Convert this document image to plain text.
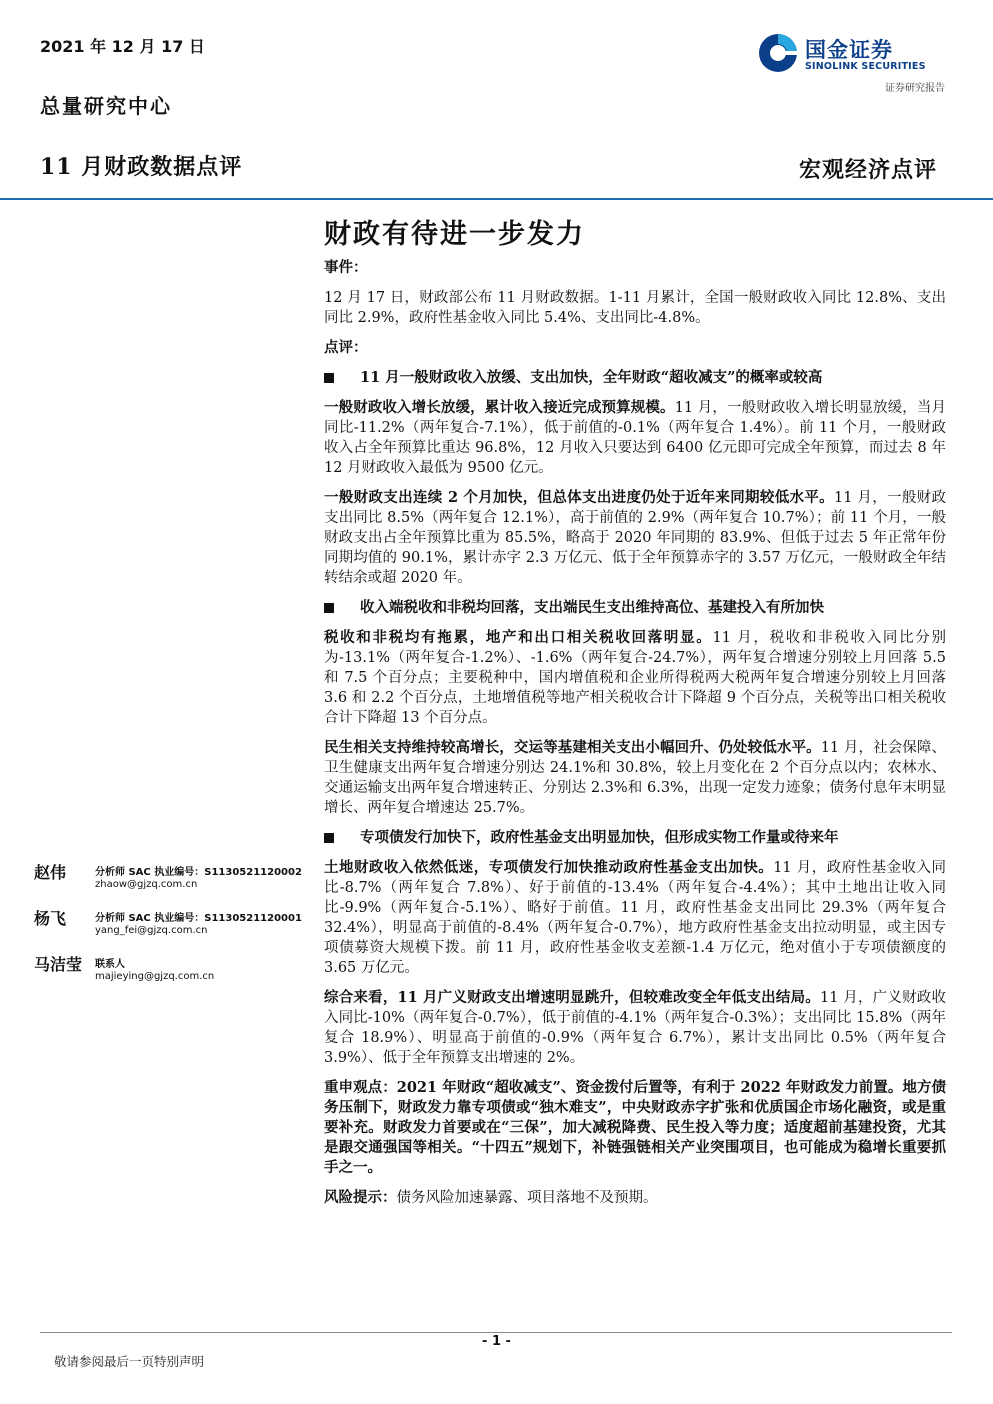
2021 年 12 月 17 日
总量研究中心
11 月财政数据点评	宏观经济点评
国金证券
SINOLINK SECURITIES
证券研究报告
财政有待进一步发力
事件：

12 月 17 日，财政部公布 11 月财政数据。1-11 月累计，全国一般财政收入同比 12.8%、支出同比 2.9%，政府性基金收入同比 5.4%、支出同比-4.8%。

点评：
11 月一般财政收入放缓、支出加快，全年财政“超收减支”的概率或较高

一般财政收入增长放缓，累计收入接近完成预算规模。11 月，一般财政收入增长明显放缓，当月同比-11.2%（两年复合-7.1%），低于前值的-0.1%（两年复合 1.4%）。前 11 个月，一般财政收入占全年预算比重达 96.8%，12 月收入只要达到 6400 亿元即可完成全年预算，而过去 8 年 12 月财政收入最低为 9500 亿元。

一般财政支出连续 2 个月加快，但总体支出进度仍处于近年来同期较低水平。11 月，一般财政支出同比 8.5%（两年复合 12.1%），高于前值的 2.9%（两年复合 10.7%）；前 11 个月，一般财政支出占全年预算比重为 85.5%，略高于 2020 年同期的 83.9%、但低于过去 5 年正常年份同期均值的 90.1%，累计赤字 2.3 万亿元、低于全年预算赤字的 3.57 万亿元，一般财政全年结转结余或超 2020 年。

收入端税收和非税均回落，支出端民生支出维持高位、基建投入有所加快

税收和非税均有拖累，地产和出口相关税收回落明显。11 月，税收和非税收入同比分别为-13.1%（两年复合-1.2%）、-1.6%（两年复合-24.7%），两年复合增速分别较上月回落 5.5 和 7.5 个百分点；主要税种中，国内增值税和企业所得税两大税两年复合增速分别较上月回落 3.6 和 2.2 个百分点，土地增值税等地产相关税收合计下降超 9 个百分点，关税等出口相关税收合计下降超 13 个百分点。

民生相关支持维持较高增长，交运等基建相关支出小幅回升、仍处较低水平。11 月，社会保障、卫生健康支出两年复合增速分别达 24.1%和 30.8%，较上月变化在 2 个百分点以内；农林水、交通运输支出两年复合增速转正、分别达 2.3%和 6.3%，出现一定发力迹象；债务付息年末明显增长、两年复合增速达 25.7%。

专项债发行加快下，政府性基金支出明显加快，但形成实物工作量或待来年

土地财政收入依然低迷，专项债发行加快推动政府性基金支出加快。11 月，政府性基金收入同比-8.7%（两年复合 7.8%）、好于前值的-13.4%（两年复合-4.4%）；其中土地出让收入同比-9.9%（两年复合-5.1%）、略好于前值。11 月，政府性基金支出同比 29.3%（两年复合 32.4%），明显高于前值的-8.4%（两年复合-0.7%），地方政府性基金支出拉动明显，或主因专项债募资大规模下拨。前 11 月，政府性基金收支差额-1.4 万亿元，绝对值小于专项债额度的 3.65 万亿元。

综合来看，11 月广义财政支出增速明显跳升，但较难改变全年低支出结局。11 月，广义财政收入同比-10%（两年复合-0.7%），低于前值的-4.1%（两年复合-0.3%）；支出同比 15.8%（两年复合 18.9%）、明显高于前值的-0.9%（两年复合 6.7%），累计支出同比 0.5%（两年复合 3.9%）、低于全年预算支出增速的 2%。

重申观点：2021 年财政“超收减支”、资金拨付后置等，有利于 2022 年财政发力前置。地方债务压制下，财政发力靠专项债或“独木难支”，中央财政赤字扩张和优质国企市场化融资，或是重要补充。财政发力首要或在“三保”，加大减税降费、民生投入等力度；适度超前基建投资，尤其是跟交通强国等相关。“十四五”规划下，补链强链相关产业突围项目，也可能成为稳增长重要抓手之一。

风险提示：债务风险加速暴露、项目落地不及预期。

赵伟	分析师 SAC 执业编号：S1130521120002
zhaow@gjzq.com.cn
杨飞	分析师 SAC 执业编号：S1130521120001
yang_fei@gjzq.com.cn
马洁莹 联系人
majieying@gjzq.com.cn
- 1 -
敬请参阅最后一页特别声明
